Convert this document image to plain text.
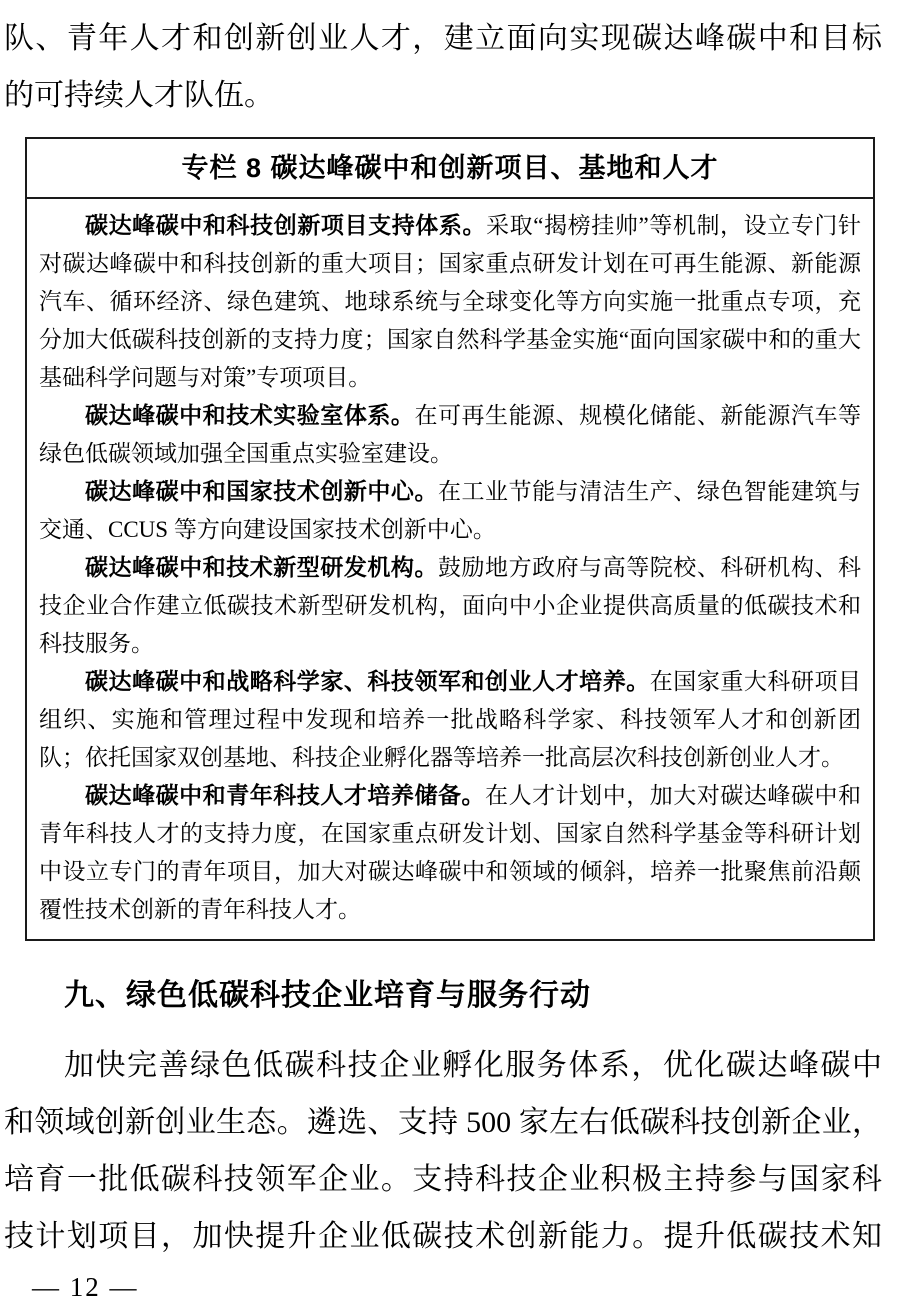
队、青年人才和创新创业人才，建立面向实现碳达峰碳中和目标
的可持续人才队伍。
专栏 8 碳达峰碳中和创新项目、基地和人才

碳达峰碳中和科技创新项目支持体系。采取“揭榜挂帅”等机制，设立专门针对碳达峰碳中和科技创新的重大项目；国家重点研发计划在可再生能源、新能源汽车、循环经济、绿色建筑、地球系统与全球变化等方向实施一批重点专项，充分加大低碳科技创新的支持力度；国家自然科学基金实施“面向国家碳中和的重大基础科学问题与对策”专项项目。

碳达峰碳中和技术实验室体系。在可再生能源、规模化储能、新能源汽车等绿色低碳领域加强全国重点实验室建设。

碳达峰碳中和国家技术创新中心。在工业节能与清洁生产、绿色智能建筑与交通、CCUS 等方向建设国家技术创新中心。

碳达峰碳中和技术新型研发机构。鼓励地方政府与高等院校、科研机构、科技企业合作建立低碳技术新型研发机构，面向中小企业提供高质量的低碳技术和科技服务。

碳达峰碳中和战略科学家、科技领军和创业人才培养。在国家重大科研项目组织、实施和管理过程中发现和培养一批战略科学家、科技领军人才和创新团队；依托国家双创基地、科技企业孵化器等培养一批高层次科技创新创业人才。

碳达峰碳中和青年科技人才培养储备。在人才计划中，加大对碳达峰碳中和青年科技人才的支持力度，在国家重点研发计划、国家自然科学基金等科研计划中设立专门的青年项目，加大对碳达峰碳中和领域的倾斜，培养一批聚焦前沿颠覆性技术创新的青年科技人才。

九、绿色低碳科技企业培育与服务行动
加快完善绿色低碳科技企业孵化服务体系，优化碳达峰碳中
和领域创新创业生态。遴选、支持 500 家左右低碳科技创新企业，
培育一批低碳科技领军企业。支持科技企业积极主持参与国家科
技计划项目，加快提升企业低碳技术创新能力。提升低碳技术知
— 12 —
